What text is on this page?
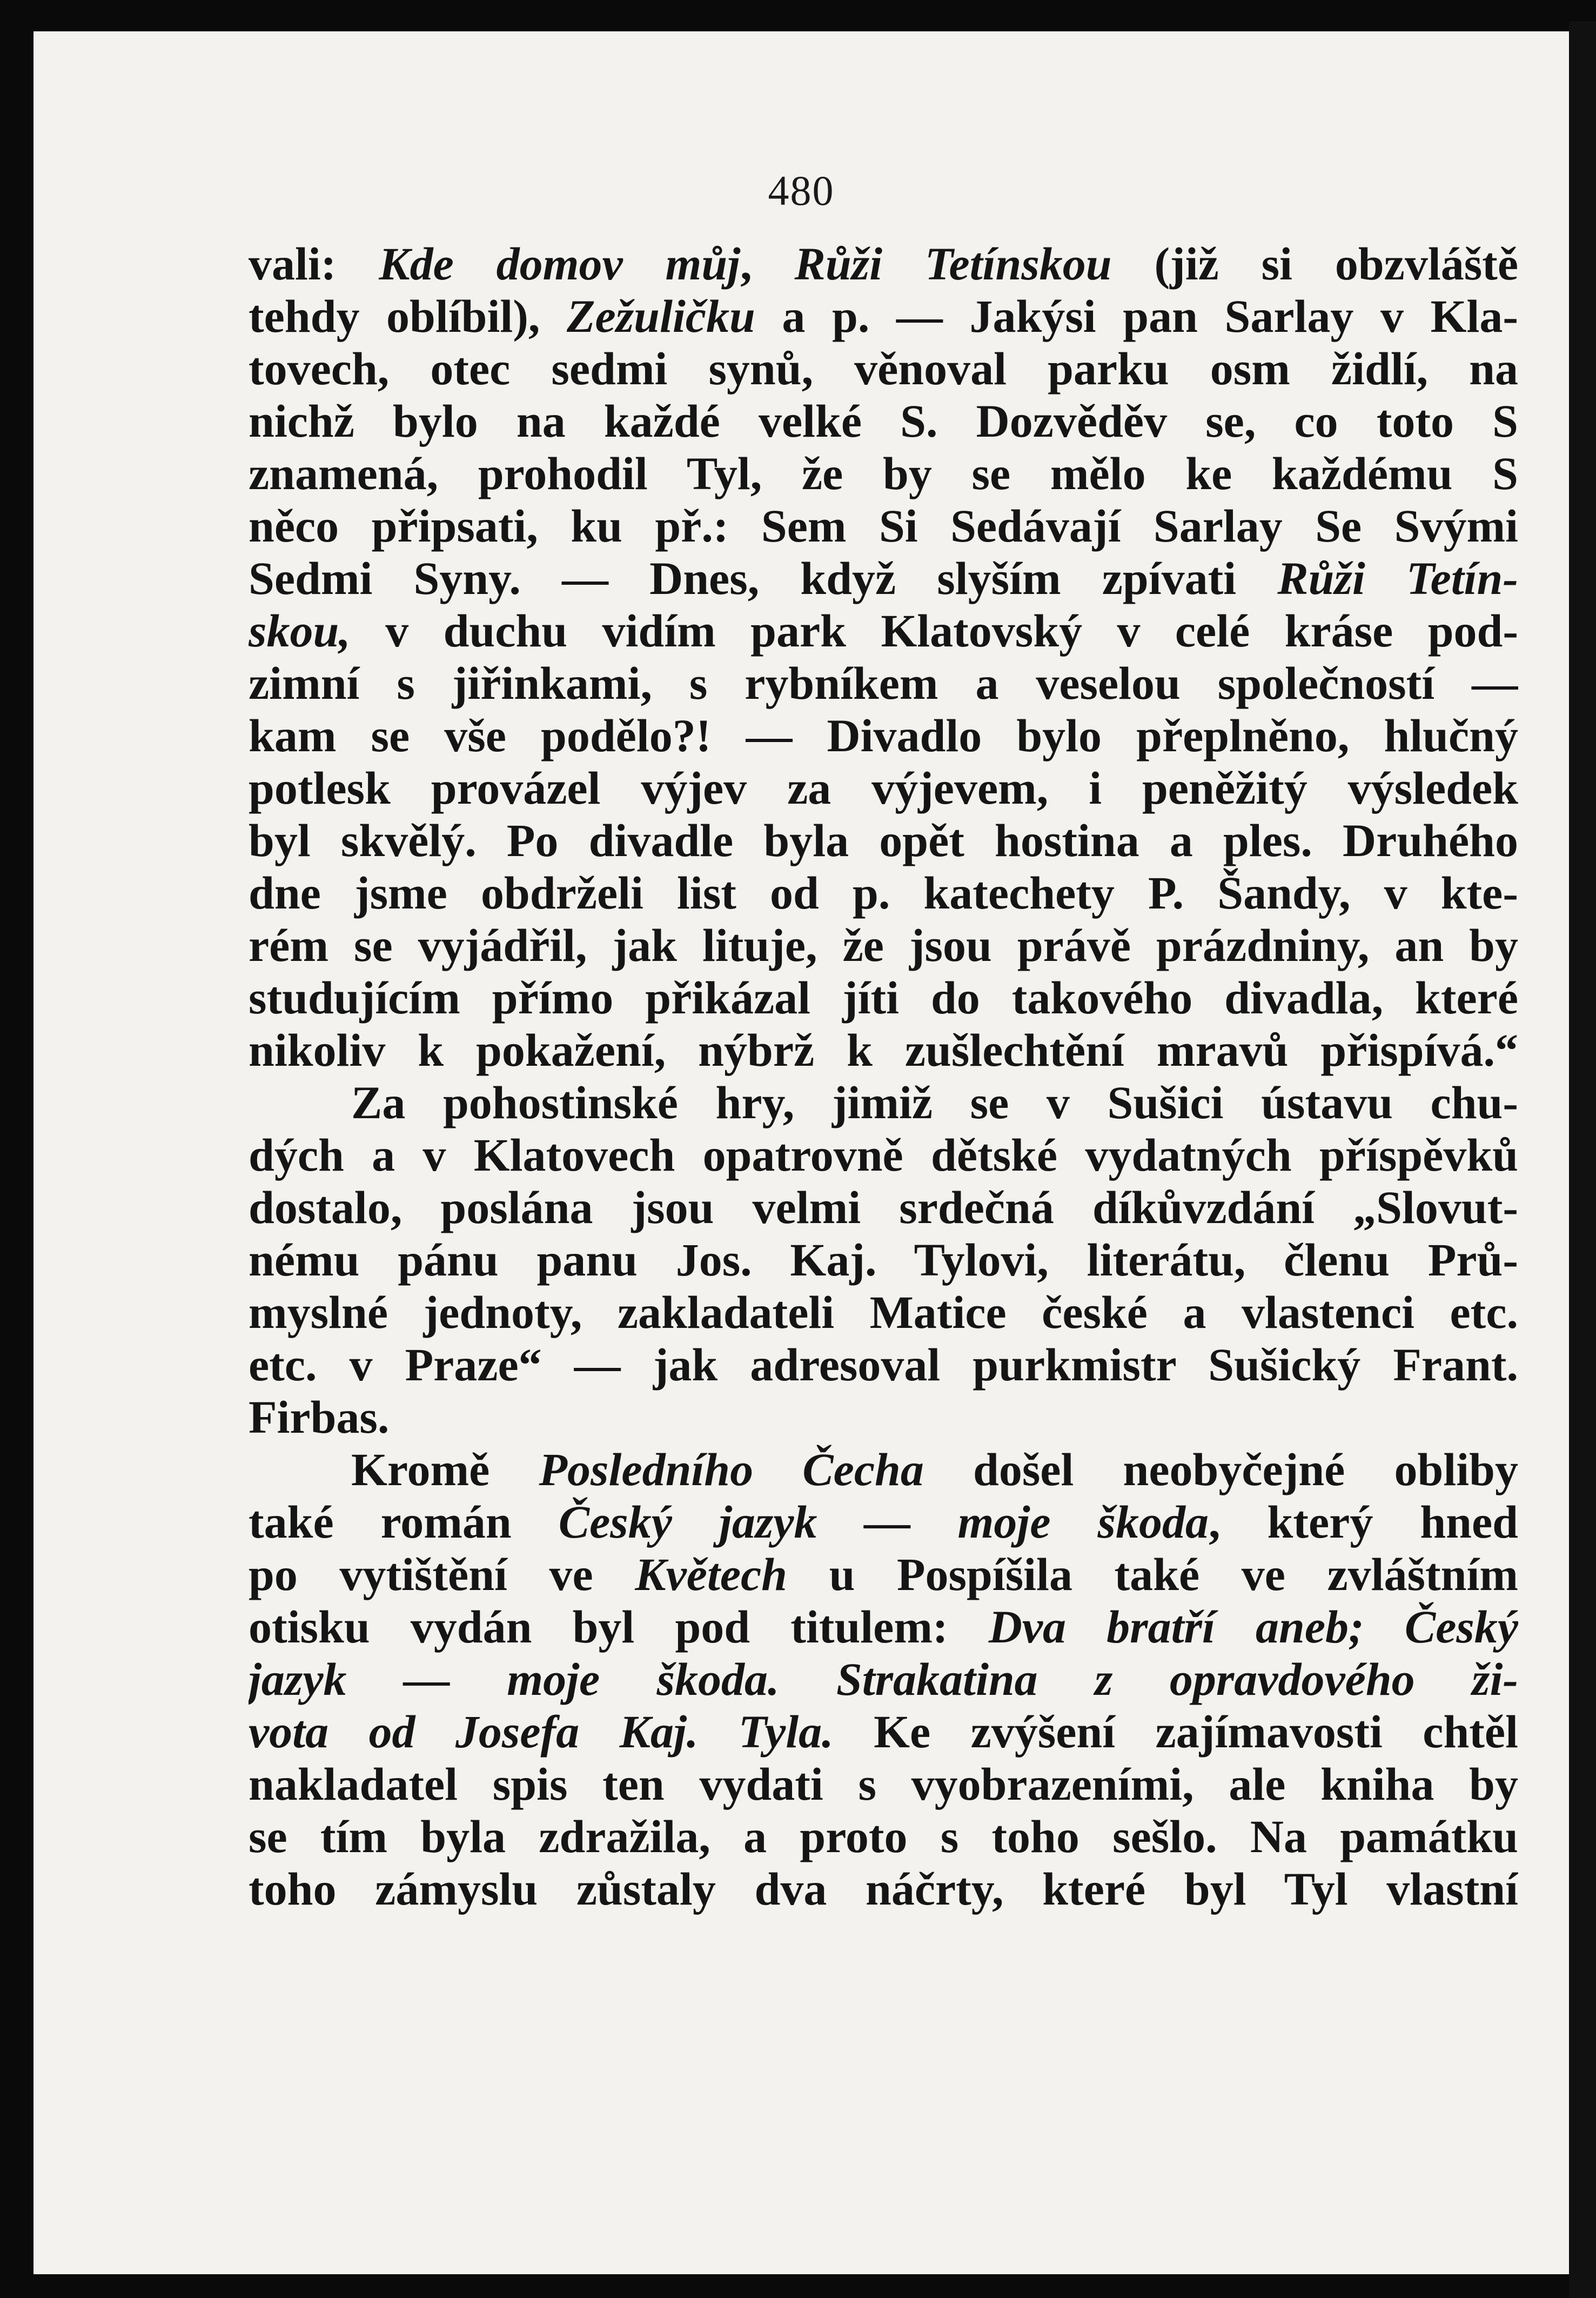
480
vali: Kde domov můj, Růži Tetínskou (již si obzvláště
tehdy oblíbil), Zežuličku a p. — Jakýsi pan Sarlay v Kla-
tovech, otec sedmi synů, věnoval parku osm židlí, na
nichž bylo na každé velké S. Dozvěděv se, co toto S
znamená, prohodil Tyl, že by se mělo ke každému S
něco připsati, ku př.: Sem Si Sedávají Sarlay Se Svými
Sedmi Syny. — Dnes, když slyším zpívati Růži Tetín-
skou, v duchu vidím park Klatovský v celé kráse pod-
zimní s jiřinkami, s rybníkem a veselou společností —
kam se vše podělo?! — Divadlo bylo přeplněno, hlučný
potlesk provázel výjev za výjevem, i peněžitý výsledek
byl skvělý. Po divadle byla opět hostina a ples. Druhého
dne jsme obdrželi list od p. katechety P. Šandy, v kte-
rém se vyjádřil, jak lituje, že jsou právě prázdniny, an by
studujícím přímo přikázal jíti do takového divadla, které
nikoliv k pokažení, nýbrž k zušlechtění mravů přispívá.“
Za pohostinské hry, jimiž se v Sušici ústavu chu-
dých a v Klatovech opatrovně dětské vydatných příspěvků
dostalo, poslána jsou velmi srdečná díkůvzdání „Slovut-
nému pánu panu Jos. Kaj. Tylovi, literátu, členu Prů-
myslné jednoty, zakladateli Matice české a vlastenci etc.
etc. v Praze“ — jak adresoval purkmistr Sušický Frant.
Firbas.
Kromě Posledního Čecha došel neobyčejné obliby
také román Český jazyk — moje škoda, který hned
po vytištění ve Květech u Pospíšila také ve zvláštním
otisku vydán byl pod titulem: Dva bratří aneb; Český
jazyk — moje škoda. Strakatina z opravdového ži-
vota od Josefa Kaj. Tyla. Ke zvýšení zajímavosti chtěl
nakladatel spis ten vydati s vyobrazeními, ale kniha by
se tím byla zdražila, a proto s toho sešlo. Na památku
toho zámyslu zůstaly dva náčrty, které byl Tyl vlastní
